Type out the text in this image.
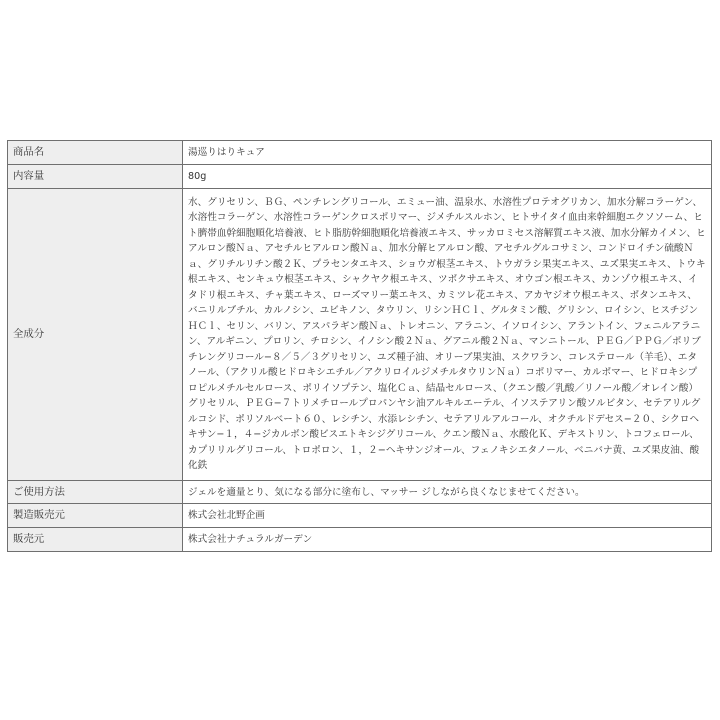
商品名	湯巡りはりキュア
内容量	80g
全成分	水、グリセリン、ＢＧ、ペンチレングリコール、エミュー油、温泉水、水溶性プロテオグリカン、加水分解コラーゲン、水溶性コラーゲン、水溶性コラーゲンクロスポリマー、ジメチルスルホン、ヒトサイタイ血由来幹細胞エクソソーム、ヒト臍帯血幹細胞順化培養液、ヒト脂肪幹細胞順化培養液エキス、サッカロミセス溶解質エキス液、加水分解カイメン、ヒアルロン酸Ｎａ、アセチルヒアルロン酸Ｎａ、加水分解ヒアルロン酸、アセチルグルコサミン、コンドロイチン硫酸Ｎａ、グリチルリチン酸２Ｋ、プラセンタエキス、ショウガ根茎エキス、トウガラシ果実エキス、ユズ果実エキス、トウキ根エキス、センキュウ根茎エキス、シャクヤク根エキス、ツボクサエキス、オウゴン根エキス、カンゾウ根エキス、イタドリ根エキス、チャ葉エキス、ローズマリー葉エキス、カミツレ花エキス、アカヤジオウ根エキス、ボタンエキス、バニリルブチル、カルノシン、ユビキノン、タウリン、リシンＨＣｌ、グルタミン酸、グリシン、ロイシン、ヒスチジンＨＣｌ、セリン、バリン、アスパラギン酸Ｎａ、トレオニン、アラニン、イソロイシン、アラントイン、フェニルアラニン、アルギニン、プロリン、チロシン、イノシン酸２Ｎａ、グアニル酸２Ｎａ、マンニトール、ＰＥＧ／ＰＰＧ／ポリブチレングリコール−８／５／３グリセリン、ユズ種子油、オリーブ果実油、スクワラン、コレステロール（羊毛）、エタノール、（アクリル酸ヒドロキシエチル／アクリロイルジメチルタウリンＮａ）コポリマー、カルボマー、ヒドロキシプロピルメチルセルロース、ポリイソプテン、塩化Ｃａ、結晶セルロース、（クエン酸／乳酸／リノール酸／オレイン酸）グリセリル、ＰＥＧ−７トリメチロールプロパンヤシ油アルキルエーテル、イソステアリン酸ソルビタン、セテアリルグルコシド、ポリソルベート６０、レシチン、水添レシチン、セテアリルアルコール、オクチルドデセス−２０、シクロヘキサン−１，４−ジカルボン酸ビスエトキシジグリコール、クエン酸Ｎａ、水酸化Ｋ、デキストリン、トコフェロール、カプリリルグリコール、トロポロン、１，２−ヘキサンジオール、フェノキシエタノール、ベニバナ黄、ユズ果皮油、酸化鉄
ご使用方法	ジェルを適量とり、気になる部分に塗布し、マッサー ジしながら良くなじませてください。
製造販売元	株式会社北野企画
販売元	株式会社ナチュラルガーデン
